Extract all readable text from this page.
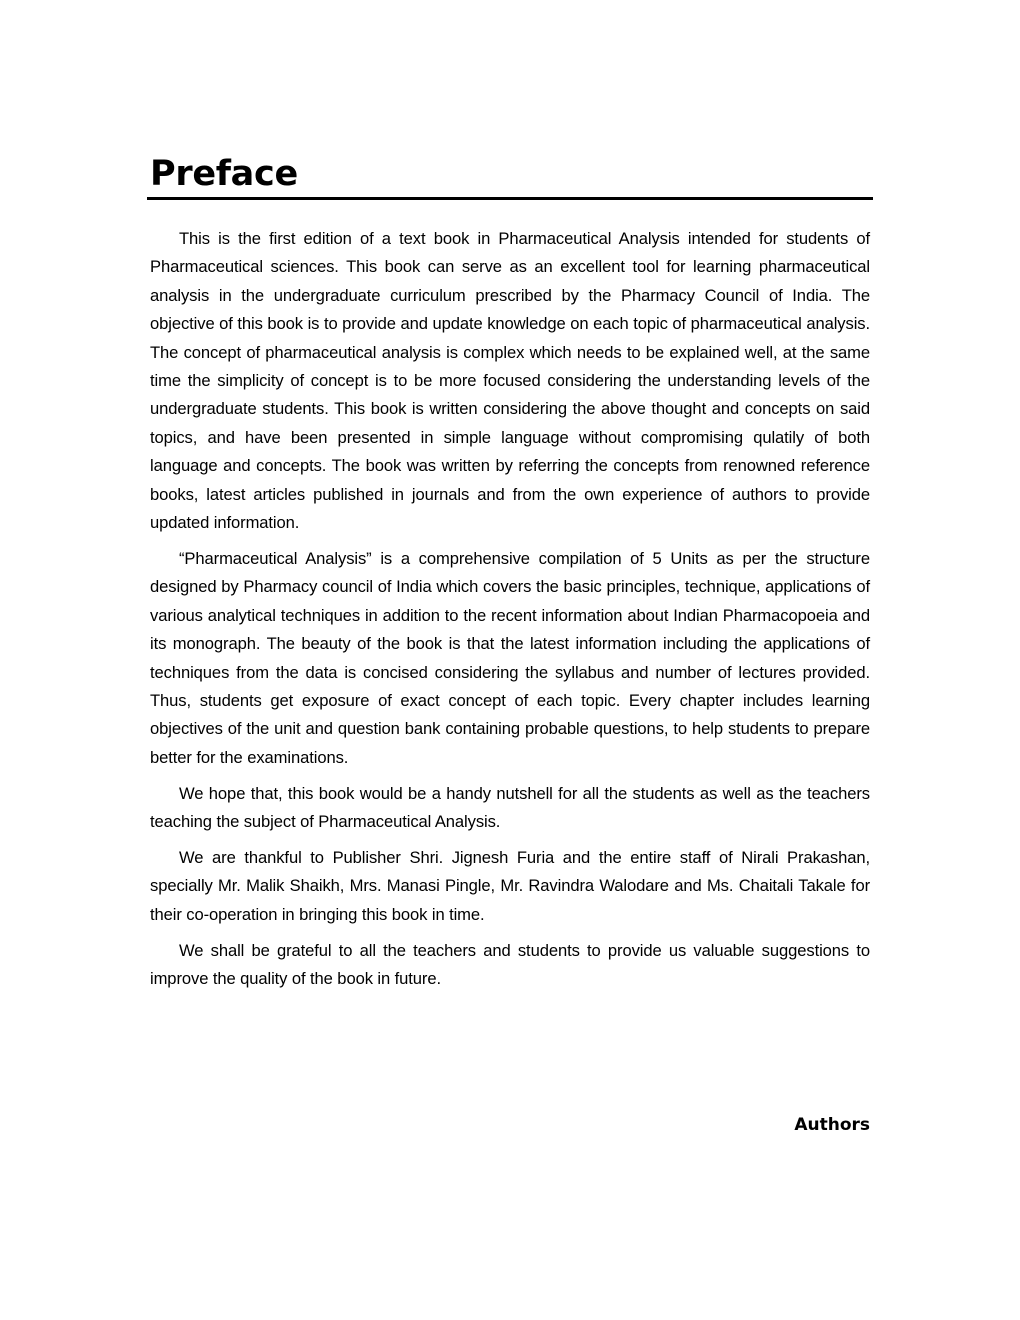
Preface

This is the first edition of a text book in Pharmaceutical Analysis intended for students of Pharmaceutical sciences. This book can serve as an excellent tool for learning pharmaceutical analysis in the undergraduate curriculum prescribed by the Pharmacy Council of India. The objective of this book is to provide and update knowledge on each topic of pharmaceutical analysis. The concept of pharmaceutical analysis is complex which needs to be explained well, at the same time the simplicity of concept is to be more focused considering the understanding levels of the undergraduate students. This book is written considering the above thought and concepts on said topics, and have been presented in simple language without compromising qulatily of both language and concepts. The book was written by referring the concepts from renowned reference books, latest articles published in journals and from the own experience of authors to provide updated information.

“Pharmaceutical Analysis” is a comprehensive compilation of 5 Units as per the structure designed by Pharmacy council of India which covers the basic principles, technique, applications of various analytical techniques in addition to the recent information about Indian Pharmacopoeia and its monograph. The beauty of the book is that the latest information including the applications of techniques from the data is concised considering the syllabus and number of lectures provided. Thus, students get exposure of exact concept of each topic. Every chapter includes learning objectives of the unit and question bank containing probable questions, to help students to prepare better for the examinations.

We hope that, this book would be a handy nutshell for all the students as well as the teachers teaching the subject of Pharmaceutical Analysis.

We are thankful to Publisher Shri. Jignesh Furia and the entire staff of Nirali Prakashan, specially Mr. Malik Shaikh, Mrs. Manasi Pingle, Mr. Ravindra Walodare and Ms. Chaitali Takale for their co-operation in bringing this book in time.

We shall be grateful to all the teachers and students to provide us valuable suggestions to improve the quality of the book in future.

Authors
